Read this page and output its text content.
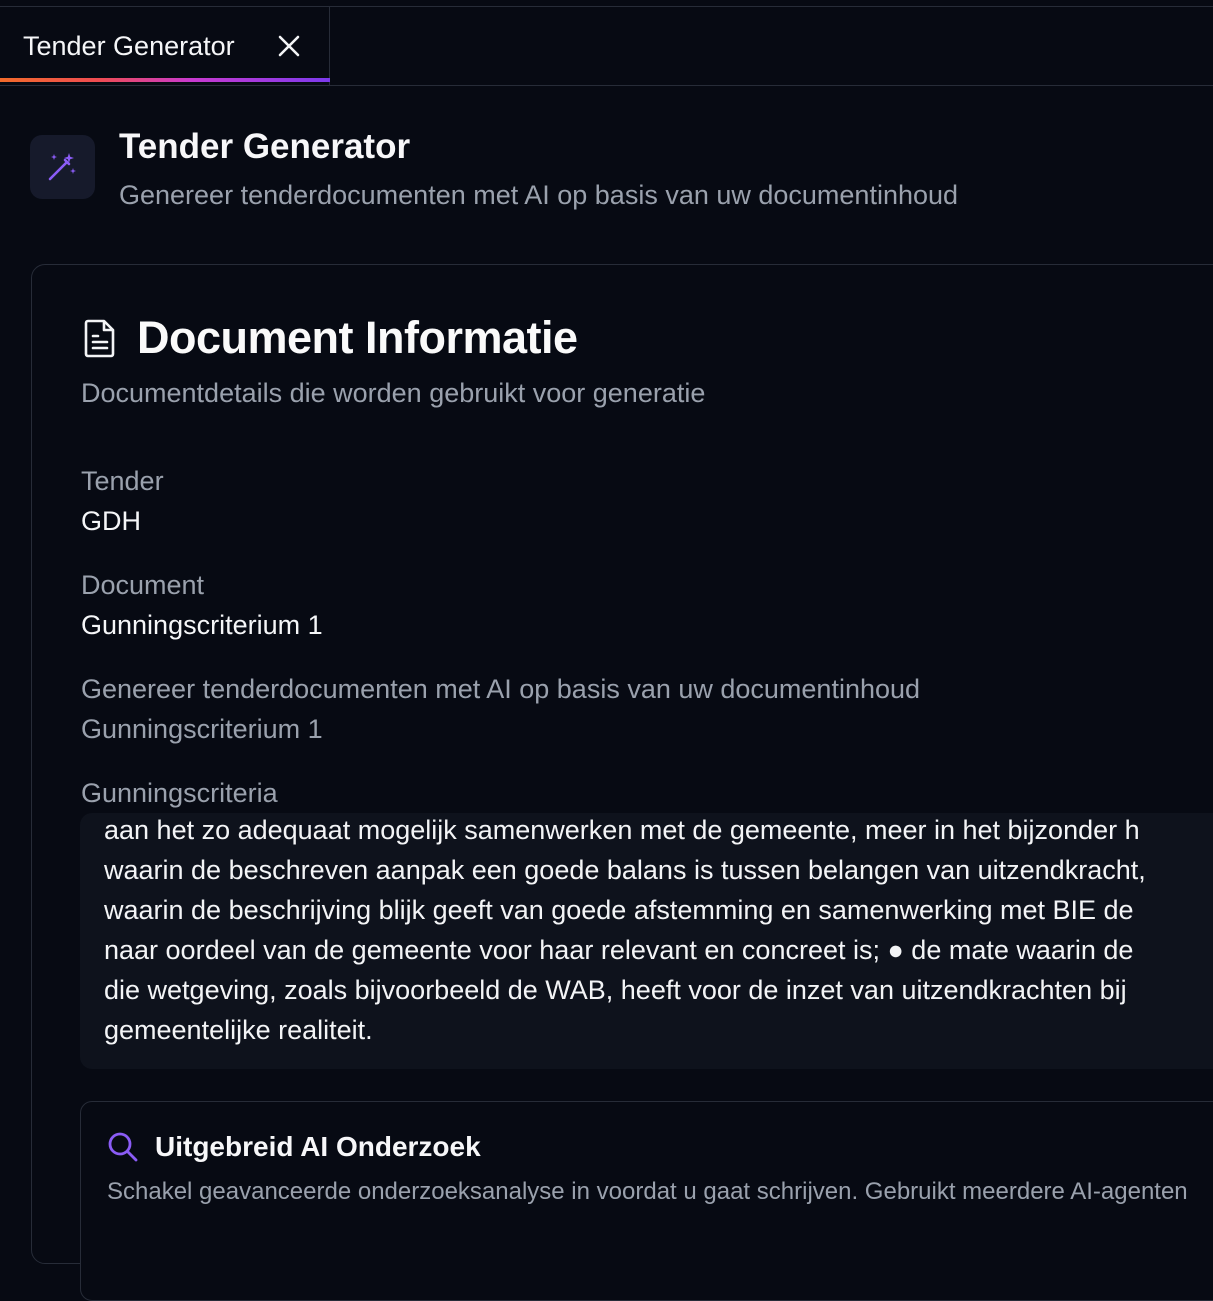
Tender Generator
Tender Generator

Genereer tenderdocumenten met AI op basis van uw documentinhoud

Document Informatie

Documentdetails die worden gebruikt voor generatie

Tender
GDH
Document
Gunningscriterium 1
Genereer tenderdocumenten met AI op basis van uw documentinhoud
Gunningscriterium 1
Gunningscriteria
aan het zo adequaat mogelijk samenwerken met de gemeente, meer in het bijzonder h
waarin de beschreven aanpak een goede balans is tussen belangen van uitzendkracht,
waarin de beschrijving blijk geeft van goede afstemming en samenwerking met BIE de
naar oordeel van de gemeente voor haar relevant en concreet is; ● de mate waarin de
die wetgeving, zoals bijvoorbeeld de WAB, heeft voor de inzet van uitzendkrachten bij
gemeentelijke realiteit.
Uitgebreid AI Onderzoek
Schakel geavanceerde onderzoeksanalyse in voordat u gaat schrijven. Gebruikt meerdere AI-agenten
